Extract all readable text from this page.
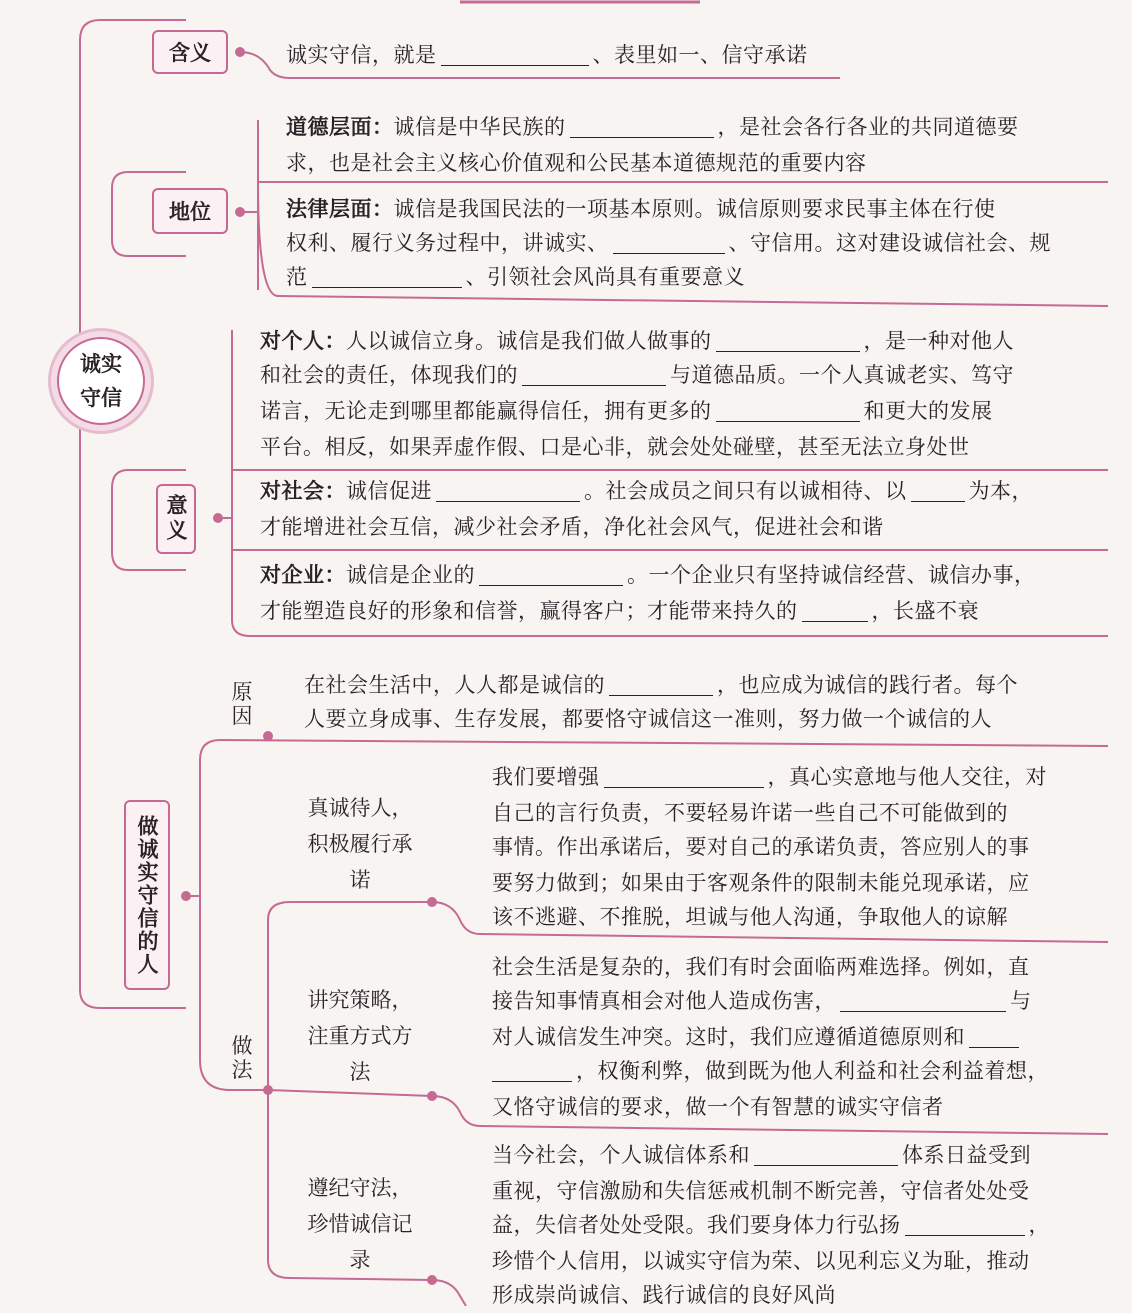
诚实
守信
含义	诚实守信，就是	、表里如一、信守承诺
地位
道德层面：诚信是中华民族的	，是社会各行各业的共同道德要
求，也是社会主义核心价值观和公民基本道德规范的重要内容
法律层面：诚信是我国民法的一项基本原则。诚信原则要求民事主体在行使
权利、履行义务过程中，讲诚实、	、守信用。这对建设诚信社会、规
范	、引领社会风尚具有重要意义
意义
对个人：人以诚信立身。诚信是我们做人做事的	，是一种对他人
和社会的责任，体现我们的	与道德品质。一个人真诚老实、笃守
诺言，无论走到哪里都能赢得信任，拥有更多的	和更大的发展
平台。相反，如果弄虚作假、口是心非，就会处处碰壁，甚至无法立身处世
对社会：诚信促进	。社会成员之间只有以诚相待、以	为本，
才能增进社会互信，减少社会矛盾，净化社会风气，促进社会和谐
对企业：诚信是企业的	。一个企业只有坚持诚信经营、诚信办事，
才能塑造良好的形象和信誉，赢得客户；才能带来持久的	，长盛不衰
做诚实守信的人
原因
在社会生活中，人人都是诚信的	，也应成为诚信的践行者。每个
人要立身成事、生存发展，都要恪守诚信这一准则，努力做一个诚信的人
做法
真诚待人，积极履行承诺
我们要增强	，真心实意地与他人交往，对
自己的言行负责，不要轻易许诺一些自己不可能做到的
事情。作出承诺后，要对自己的承诺负责，答应别人的事
要努力做到；如果由于客观条件的限制未能兑现承诺，应
该不逃避、不推脱，坦诚与他人沟通，争取他人的谅解
讲究策略，注重方式方法
社会生活是复杂的，我们有时会面临两难选择。例如，直
接告知事情真相会对他人造成伤害，	与
对人诚信发生冲突。这时，我们应遵循道德原则和
，权衡利弊，做到既为他人利益和社会利益着想，
又恪守诚信的要求，做一个有智慧的诚实守信者
遵纪守法，珍惜诚信记录
当今社会，个人诚信体系和	体系日益受到
重视，守信激励和失信惩戒机制不断完善，守信者处处受
益，失信者处处受限。我们要身体力行弘扬	，
珍惜个人信用，以诚实守信为荣、以见利忘义为耻，推动
形成崇尚诚信、践行诚信的良好风尚
